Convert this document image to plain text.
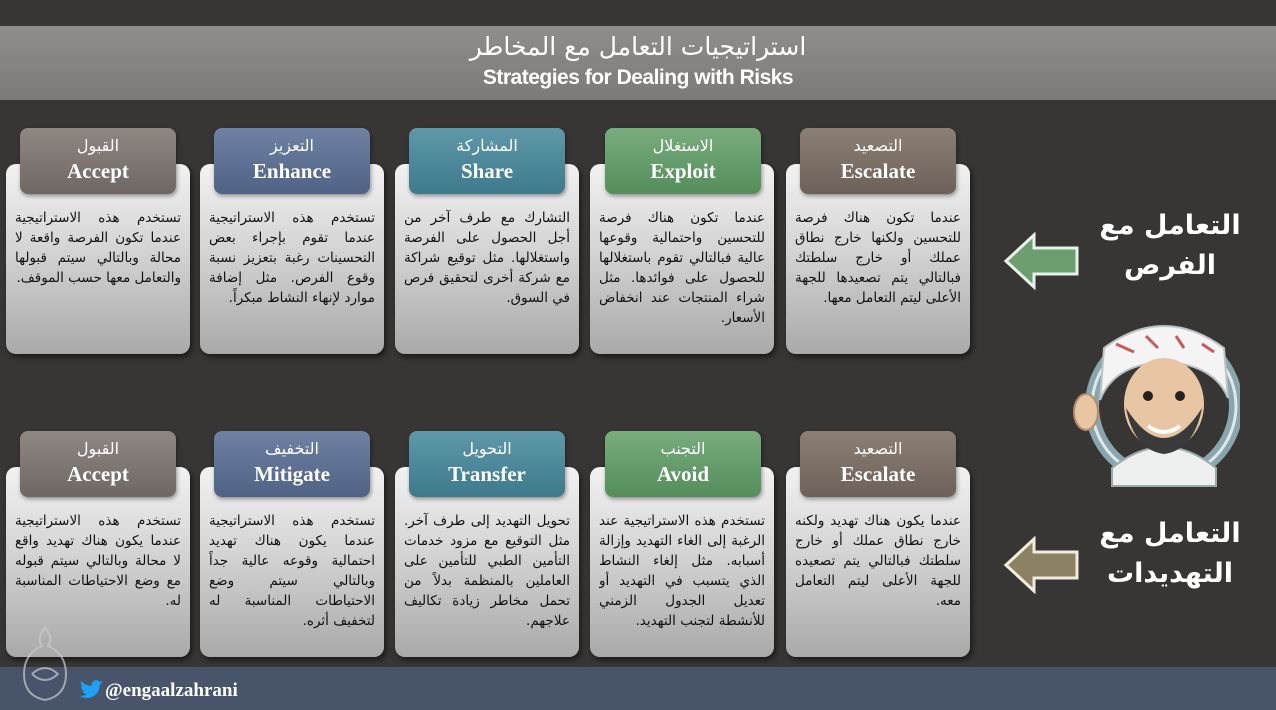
استراتيجيات التعامل مع المخاطر
Strategies for Dealing with Risks
عندما تكون هناك فرصة للتحسين ولكنها خارج نطاق عملك أو خارج سلطتك فبالتالي يتم تصعيدها للجهة الأعلى ليتم التعامل معها.
التصعيد
Escalate
عندما تكون هناك فرصة للتحسين واحتمالية وقوعها عالية فبالتالي تقوم باستغلالها للحصول على فوائدها. مثل شراء المنتجات عند انخفاض الأسعار.
الاستغلال
Exploit
التشارك مع طرف آخر من أجل الحصول على الفرصة واستغلالها. مثل توقيع شراكة مع شركة أخرى لتحقيق فرص في السوق.
المشاركة
Share
تستخدم هذه الاستراتيجية عندما تقوم بإجراء بعض التحسينات رغبة بتعزيز نسبة وقوع الفرص. مثل إضافة موارد لإنهاء النشاط مبكراً.
التعزيز
Enhance
تستخدم هذه الاستراتيجية عندما تكون الفرصة واقعة لا محالة وبالتالي سيتم قبولها والتعامل معها حسب الموقف.
القبول
Accept
عندما يكون هناك تهديد ولكنه خارج نطاق عملك أو خارج سلطتك فبالتالي يتم تصعيده للجهة الأعلى ليتم التعامل معه.
التصعيد
Escalate
تستخدم هذه الاستراتيجية عند الرغبة إلى الغاء التهديد وإزالة أسبابه. مثل إلغاء النشاط الذي يتسبب في التهديد أو تعديل الجدول الزمني للأنشطة لتجنب التهديد.
التجنب
Avoid
تحويل التهديد إلى طرف آخر. مثل التوقيع مع مزود خدمات التأمين الطبي للتأمين على العاملين بالمنظمة بدلاً من تحمل مخاطر زيادة تكاليف علاجهم.
التحويل
Transfer
تستخدم هذه الاستراتيجية عندما يكون هناك تهديد احتمالية وقوعه عالية جداً وبالتالي سيتم وضع الاحتياطات المناسبة له لتخفيف أثره.
التخفيف
Mitigate
تستخدم هذه الاستراتيجية عندما يكون هناك تهديد واقع لا محالة وبالتالي سيتم قبوله مع وضع الاحتياطات المناسبة له.
القبول
Accept
التعامل مع
الفرص
التعامل مع
التهديدات
@engaalzahrani
